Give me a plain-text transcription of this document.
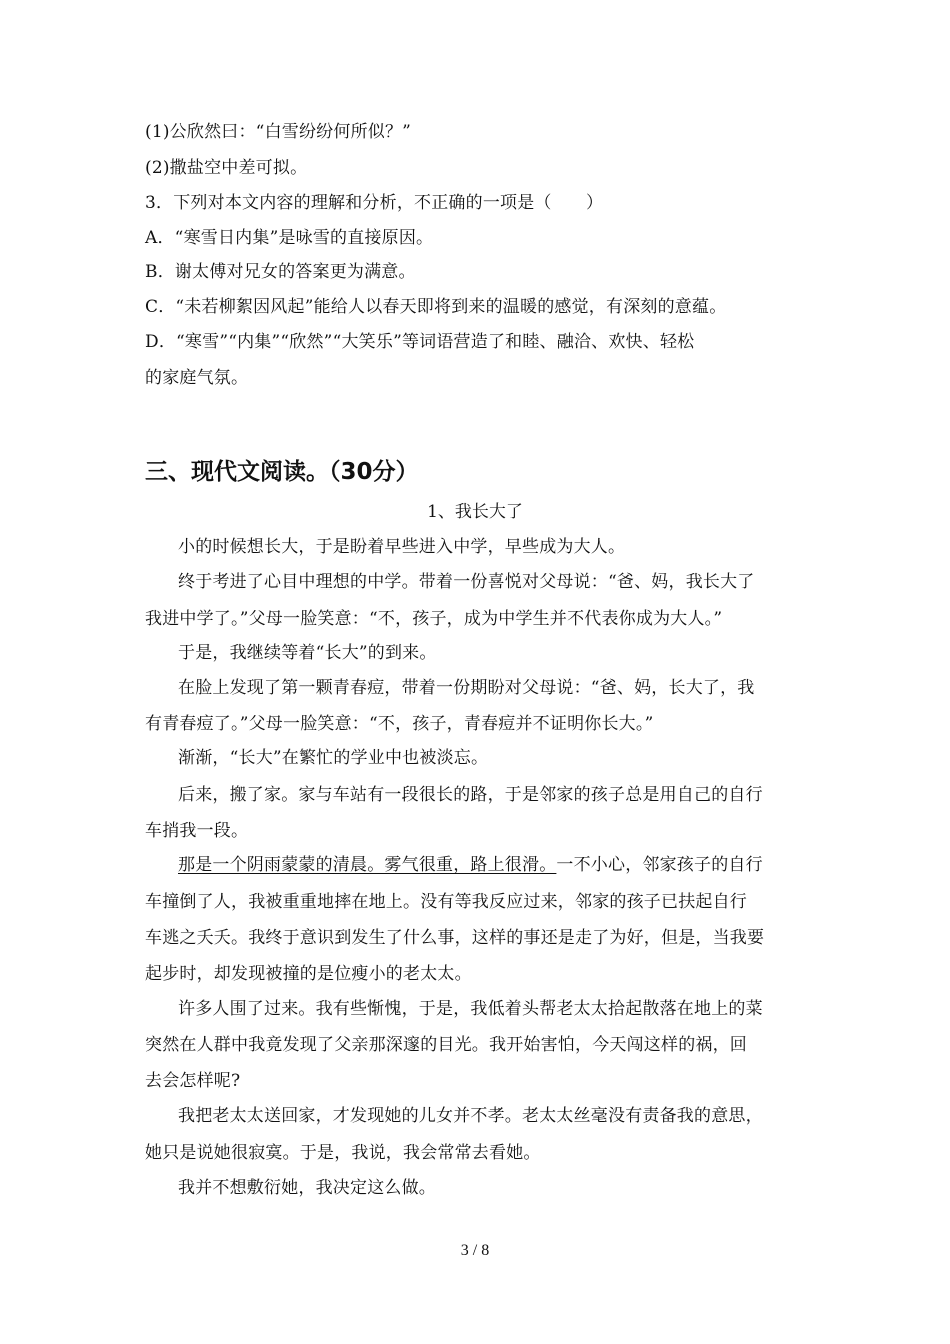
(1)公欣然曰：“白雪纷纷何所似？”
(2)撒盐空中差可拟。
3．下列对本文内容的理解和分析，不正确的一项是（　　）
A．“寒雪日内集”是咏雪的直接原因。
B．谢太傅对兄女的答案更为满意。
C．“未若柳絮因风起”能给人以春天即将到来的温暖的感觉，有深刻的意蕴。
D．“寒雪”“内集”“欣然”“大笑乐”等词语营造了和睦、融洽、欢快、轻松
的家庭气氛。
三、现代文阅读。（30分）
1、我长大了
小的时候想长大，于是盼着早些进入中学，早些成为大人。
终于考进了心目中理想的中学。带着一份喜悦对父母说：“爸、妈，我长大了
我进中学了。”父母一脸笑意：“不，孩子，成为中学生并不代表你成为大人。”
于是，我继续等着“长大”的到来。
在脸上发现了第一颗青春痘，带着一份期盼对父母说：“爸、妈，长大了，我
有青春痘了。”父母一脸笑意：“不，孩子，青春痘并不证明你长大。”
渐渐，“长大”在繁忙的学业中也被淡忘。
后来，搬了家。家与车站有一段很长的路，于是邻家的孩子总是用自己的自行
车捎我一段。
那是一个阴雨蒙蒙的清晨。雾气很重，路上很滑。一不小心，邻家孩子的自行
车撞倒了人，我被重重地摔在地上。没有等我反应过来，邻家的孩子已扶起自行
车逃之夭夭。我终于意识到发生了什么事，这样的事还是走了为好，但是，当我要
起步时，却发现被撞的是位瘦小的老太太。
许多人围了过来。我有些惭愧，于是，我低着头帮老太太拾起散落在地上的菜
突然在人群中我竟发现了父亲那深邃的目光。我开始害怕，今天闯这样的祸，回
去会怎样呢?
我把老太太送回家，才发现她的儿女并不孝。老太太丝毫没有责备我的意思，
她只是说她很寂寞。于是，我说，我会常常去看她。
我并不想敷衍她，我决定这么做。
3 / 8
